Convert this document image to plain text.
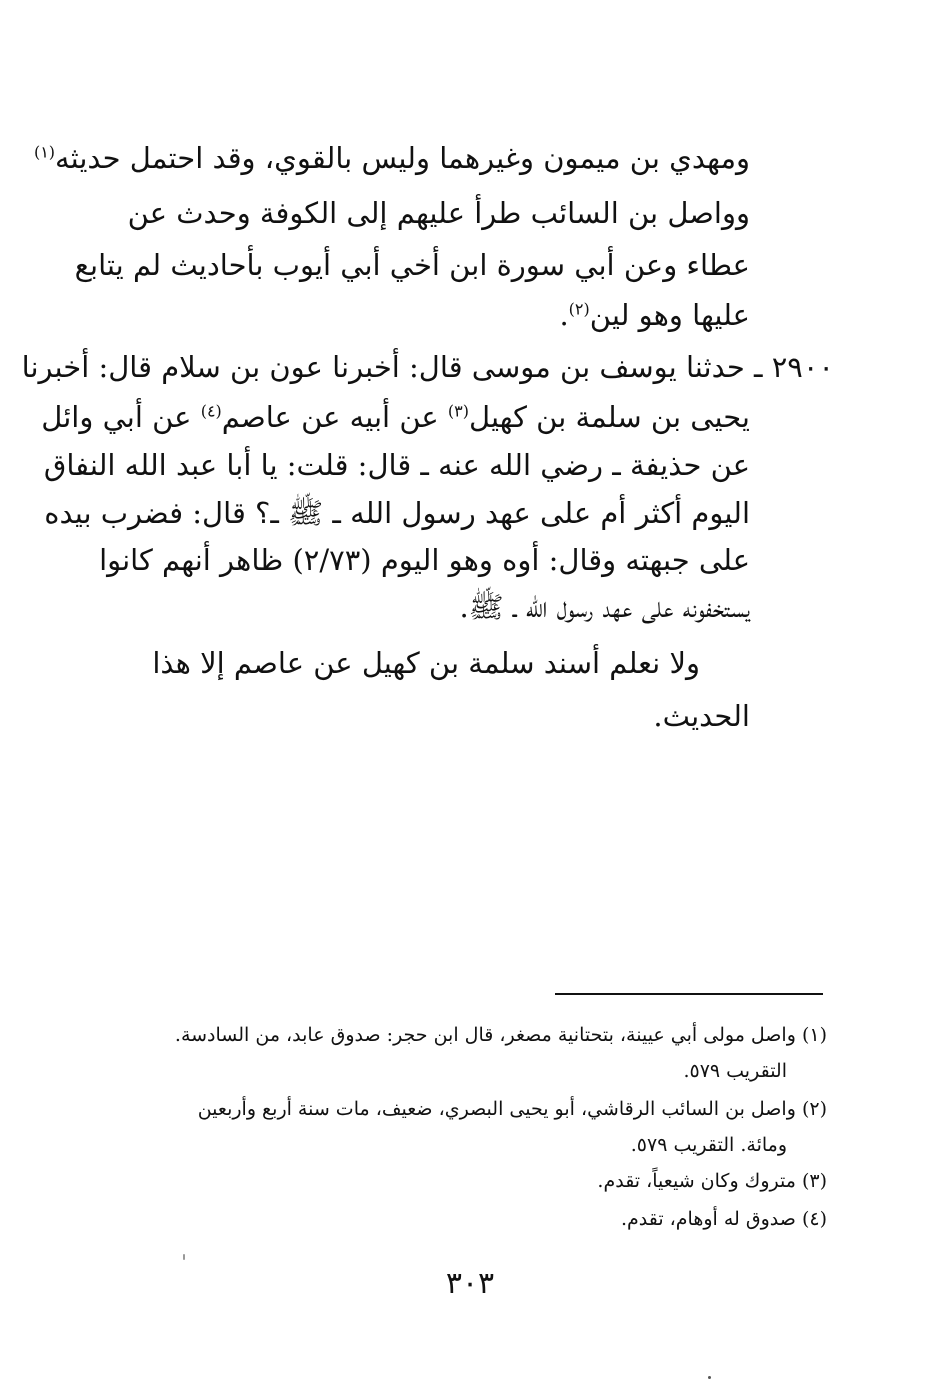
ومهدي بن ميمون وغيرهما وليس بالقوي، وقد احتمل حديثه$^{(١)}$
وواصل بن السائب طرأ عليهم إلى الكوفة وحدث عن
عطاء وعن أبي سورة ابن أخي أبي أيوب بأحاديث لم يتابع
عليها وهو لين$^{(٢)}$.
٢٩٠٠ ـ حدثنا يوسف بن موسى قال: أخبرنا عون بن سلام قال: أخبرنا
يحيى بن سلمة بن كهيل$^{(٣)}$ عن أبيه عن عاصم$^{(٤)}$ عن أبي وائل
عن حذيفة ـ رضي الله عنه ـ قال: قلت: يا أبا عبد الله النفاق
اليوم أكثر أم على عهد رسول الله ـ ﷺ ـ؟ قال: فضرب بيده
على جبهته وقال: أوه وهو اليوم (٢/٧٣) ظاهر أنهم كانوا
يستخفونه على عهد رسول الله ـ ﷺ.
ولا نعلم أسند سلمة بن كهيل عن عاصم إلا هذا
الحديث.
(١) واصل مولى أبي عيينة، بتحتانية مصغر، قال ابن حجر: صدوق عابد، من السادسة.
التقريب ٥٧٩.
(٢) واصل بن السائب الرقاشي، أبو يحيى البصري، ضعيف، مات سنة أربع وأربعين
ومائة. التقريب ٥٧٩.
(٣) متروك وكان شيعياً، تقدم.
(٤) صدوق له أوهام، تقدم.
٣٠٣
